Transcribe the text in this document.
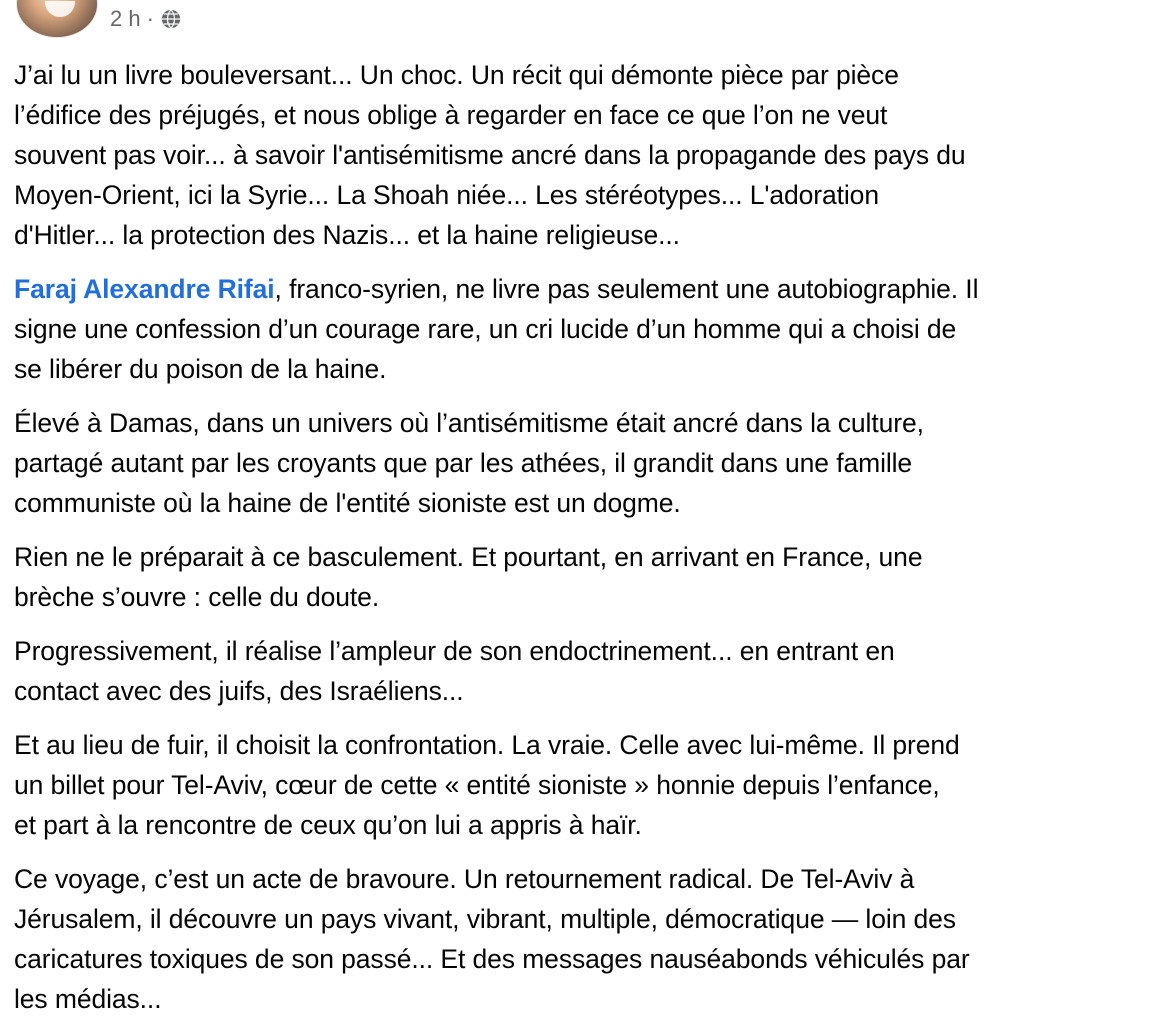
2 h ·

J’ai lu un livre bouleversant... Un choc. Un récit qui démonte pièce par pièce
l’édifice des préjugés, et nous oblige à regarder en face ce que l’on ne veut
souvent pas voir... à savoir l'antisémitisme ancré dans la propagande des pays du
Moyen-Orient, ici la Syrie... La Shoah niée... Les stéréotypes... L'adoration
d'Hitler... la protection des Nazis... et la haine religieuse...

Faraj Alexandre Rifai, franco-syrien, ne livre pas seulement une autobiographie. Il
signe une confession d’un courage rare, un cri lucide d’un homme qui a choisi de
se libérer du poison de la haine.

Élevé à Damas, dans un univers où l’antisémitisme était ancré dans la culture,
partagé autant par les croyants que par les athées, il grandit dans une famille
communiste où la haine de l'entité sioniste est un dogme.

Rien ne le préparait à ce basculement. Et pourtant, en arrivant en France, une
brèche s’ouvre : celle du doute.

Progressivement, il réalise l’ampleur de son endoctrinement... en entrant en
contact avec des juifs, des Israéliens...

Et au lieu de fuir, il choisit la confrontation. La vraie. Celle avec lui-même. Il prend
un billet pour Tel-Aviv, cœur de cette « entité sioniste » honnie depuis l’enfance,
et part à la rencontre de ceux qu’on lui a appris à haïr.

Ce voyage, c’est un acte de bravoure. Un retournement radical. De Tel-Aviv à
Jérusalem, il découvre un pays vivant, vibrant, multiple, démocratique — loin des
caricatures toxiques de son passé... Et des messages nauséabonds véhiculés par
les médias...
